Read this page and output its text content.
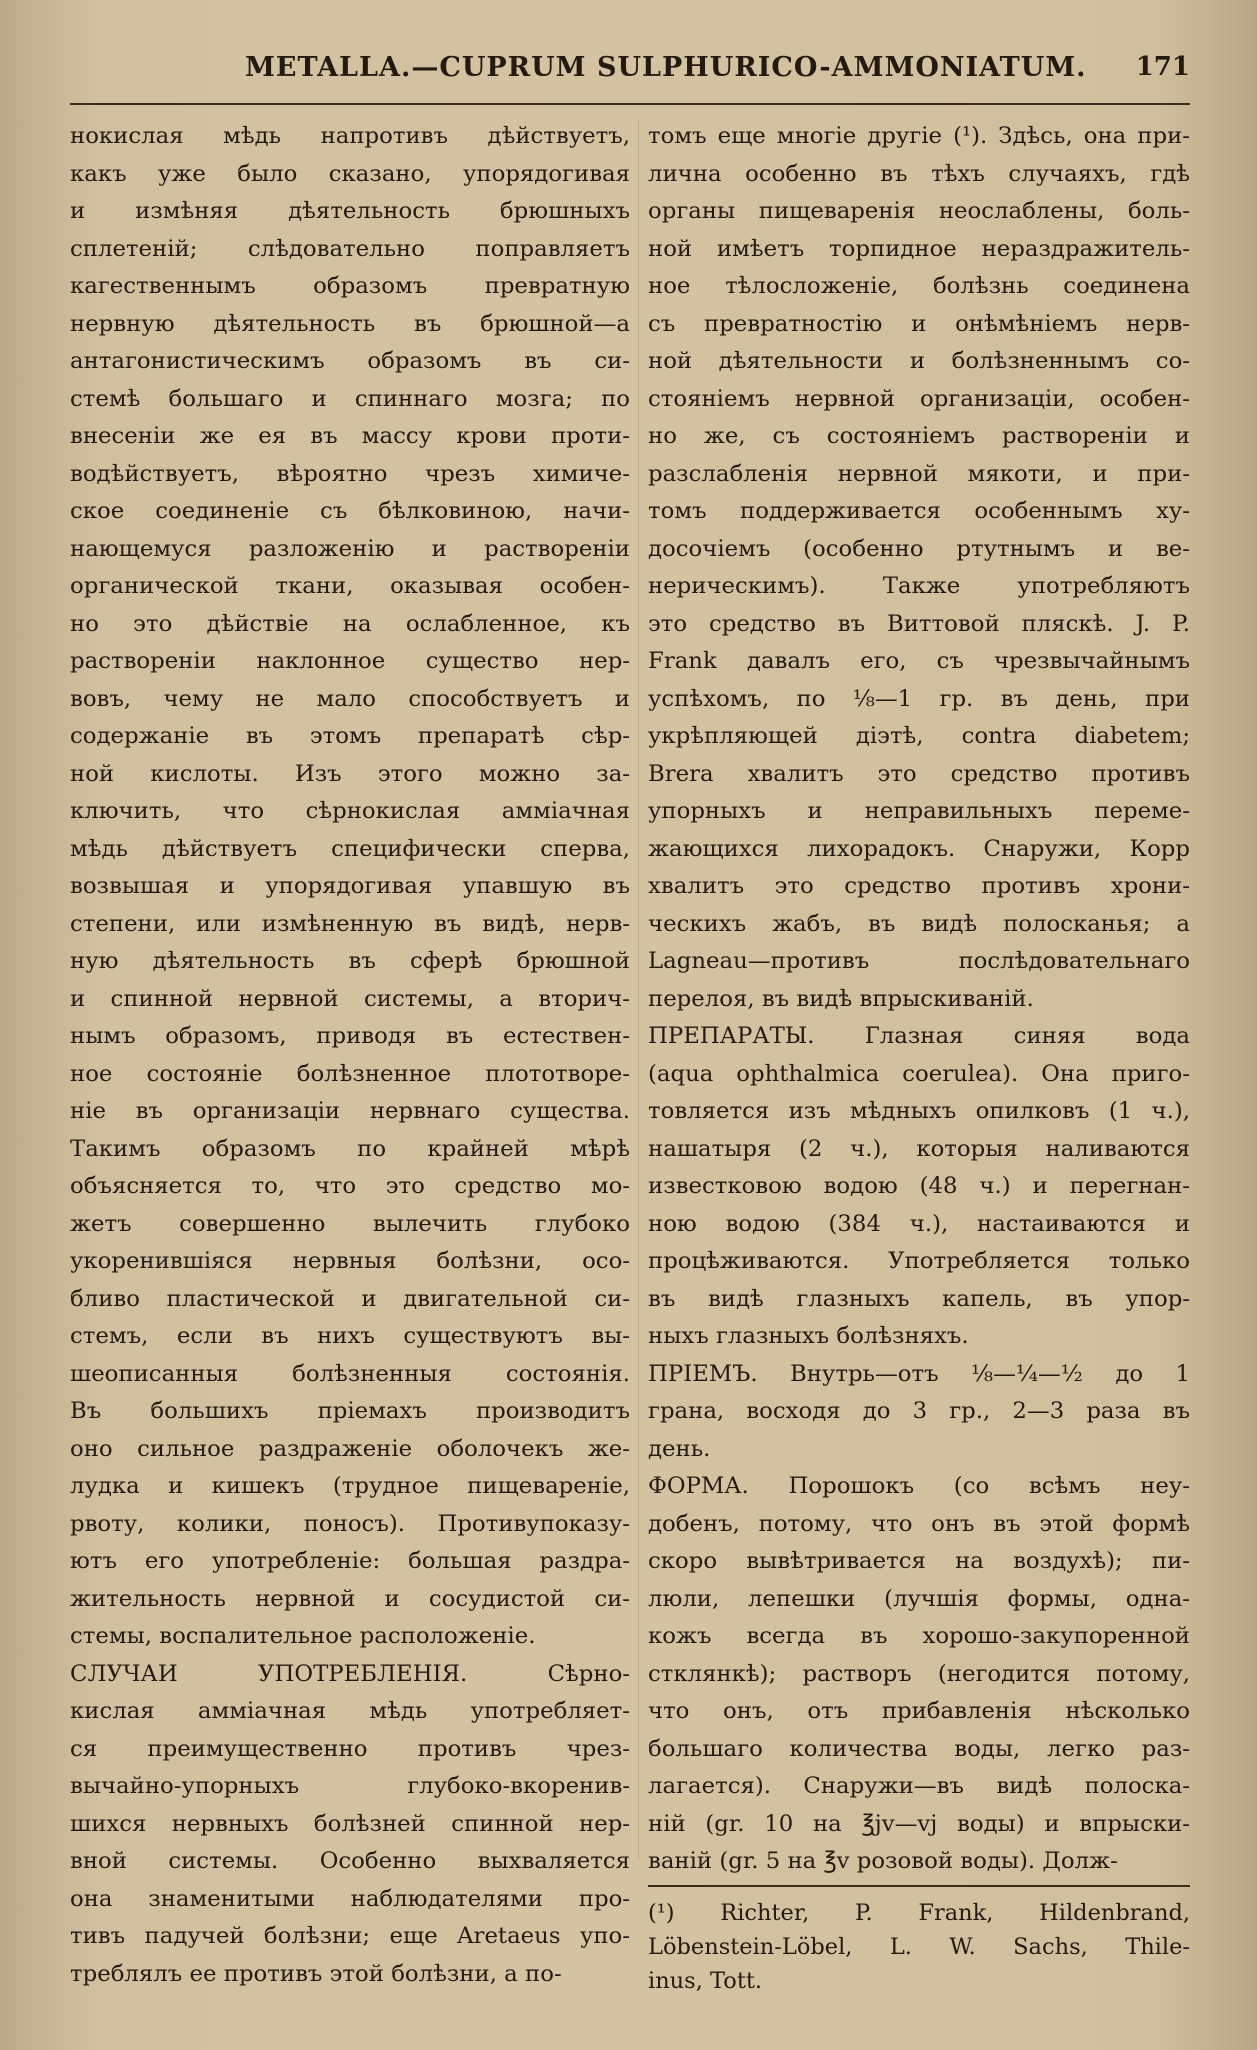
METALLA.—CUPRUM SULPHURICO-AMMONIATUM. 171
нокислая мѣдь напротивъ дѣйствуетъ,
какъ уже было сказано, упорядогивая
и измѣняя дѣятельность брюшныхъ
сплетеній; слѣдовательно поправляетъ
кагественнымъ образомъ превратную
нервную дѣятельность въ брюшной—а
антагонистическимъ образомъ въ си-
стемѣ большаго и спиннаго мозга; по
внесеніи же ея въ массу крови проти-
водѣйствуетъ, вѣроятно чрезъ химиче-
ское соединеніе съ бѣлковиною, начи-
нающемуся разложенію и раствореніи
органической ткани, оказывая особен-
но это дѣйствіе на ослабленное, къ
раствореніи наклонное существо нер-
вовъ, чему не мало способствуетъ и
содержаніе въ этомъ препаратѣ сѣр-
ной кислоты. Изъ этого можно за-
ключить, что сѣрнокислая аммiачная
мѣдь дѣйствуетъ специфически сперва,
возвышая и упорядогивая упавшую въ
степени, или измѣненную въ видѣ, нерв-
ную дѣятельность въ сферѣ брюшной
и спинной нервной системы, а вторич-
нымъ образомъ, приводя въ естествен-
ное состояніе болѣзненное плототворе-
ніе въ организаціи нервнаго существа.
Такимъ образомъ по крайней мѣрѣ
объясняется то, что это средство мо-
жетъ совершенно вылечить глубоко
укоренившіяся нервныя болѣзни, осо-
бливо пластической и двигательной си-
стемъ, если въ нихъ существуютъ вы-
шеописанныя болѣзненныя состоянія.
Въ большихъ пріемахъ производитъ
оно сильное раздраженіе оболочекъ же-
лудка и кишекъ (трудное пищевареніе,
рвоту, колики, поносъ). Противупоказу-
ютъ его употребленіе: большая раздра-
жительность нервной и сосудистой си-
стемы, воспалительное расположеніе.
СЛУЧАИ УПОТРЕБЛЕНІЯ. Сѣрно-
кислая аммiачная мѣдь употребляет-
ся преимущественно противъ чрез-
вычайно-упорныхъ глубоко-вкоренив-
шихся нервныхъ болѣзней спинной нер-
вной системы. Особенно выхваляется
она знаменитыми наблюдателями про-
тивъ падучей болѣзни; еще Aretaeus упо-
треблялъ ее противъ этой болѣзни, а по-
томъ еще многіе другіе (¹). Здѣсь, она при-
лична особенно въ тѣхъ случаяхъ, гдѣ
органы пищеваренія неослаблены, боль-
ной имѣетъ торпидное нераздражитель-
ное тѣлосложеніе, болѣзнь соединена
съ превратностію и онѣмѣніемъ нерв-
ной дѣятельности и болѣзненнымъ со-
стояніемъ нервной организаціи, особен-
но же, съ состояніемъ раствореніи и
разслабленія нервной мякоти, и при-
томъ поддерживается особеннымъ ху-
досочіемъ (особенно ртутнымъ и ве-
нерическимъ). Также употребляютъ
это средство въ Виттовой пляскѣ. J. P.
Frank давалъ его, съ чрезвычайнымъ
успѣхомъ, по ⅛—1 гр. въ день, при
укрѣпляющей діэтѣ, contra diabetem;
Brera хвалитъ это средство противъ
упорныхъ и неправильныхъ переме-
жающихся лихорадокъ. Снаружи, Корр
хвалитъ это средство противъ хрони-
ческихъ жабъ, въ видѣ полосканья; а
Lagneau—противъ послѣдовательнаго
перелоя, въ видѣ впрыскиваній.
ПРЕПАРАТЫ. Глазная синяя вода
(aqua ophthalmica coerulea). Она приго-
товляется изъ мѣдныхъ опилковъ (1 ч.),
нашатыря (2 ч.), которыя наливаются
известковою водою (48 ч.) и перегнан-
ною водою (384 ч.), настаиваются и
процѣживаются. Употребляется только
въ видѣ глазныхъ капель, въ упор-
ныхъ глазныхъ болѣзняхъ.
ПРІЕМЪ. Внутрь—отъ ⅛—¼—½ до 1
грана, восходя до 3 гр., 2—3 раза въ
день.
ФОРМА. Порошокъ (со всѣмъ неу-
добенъ, потому, что онъ въ этой формѣ
скоро вывѣтривается на воздухѣ); пи-
люли, лепешки (лучшія формы, одна-
кожъ всегда въ хорошо-закупоренной
стклянкѣ); растворъ (негодится потому,
что онъ, отъ прибавленія нѣсколько
большаго количества воды, легко раз-
лагается). Снаружи—въ видѣ полоска-
ній (gr. 10 на ℥jv—vj воды) и впрыски-
ваній (gr. 5 на ℥v розовой воды). Долж-
(¹) Richter, P. Frank, Hildenbrand,
Löbenstein-Löbel, L. W. Sachs, Thile-
inus, Tott.
